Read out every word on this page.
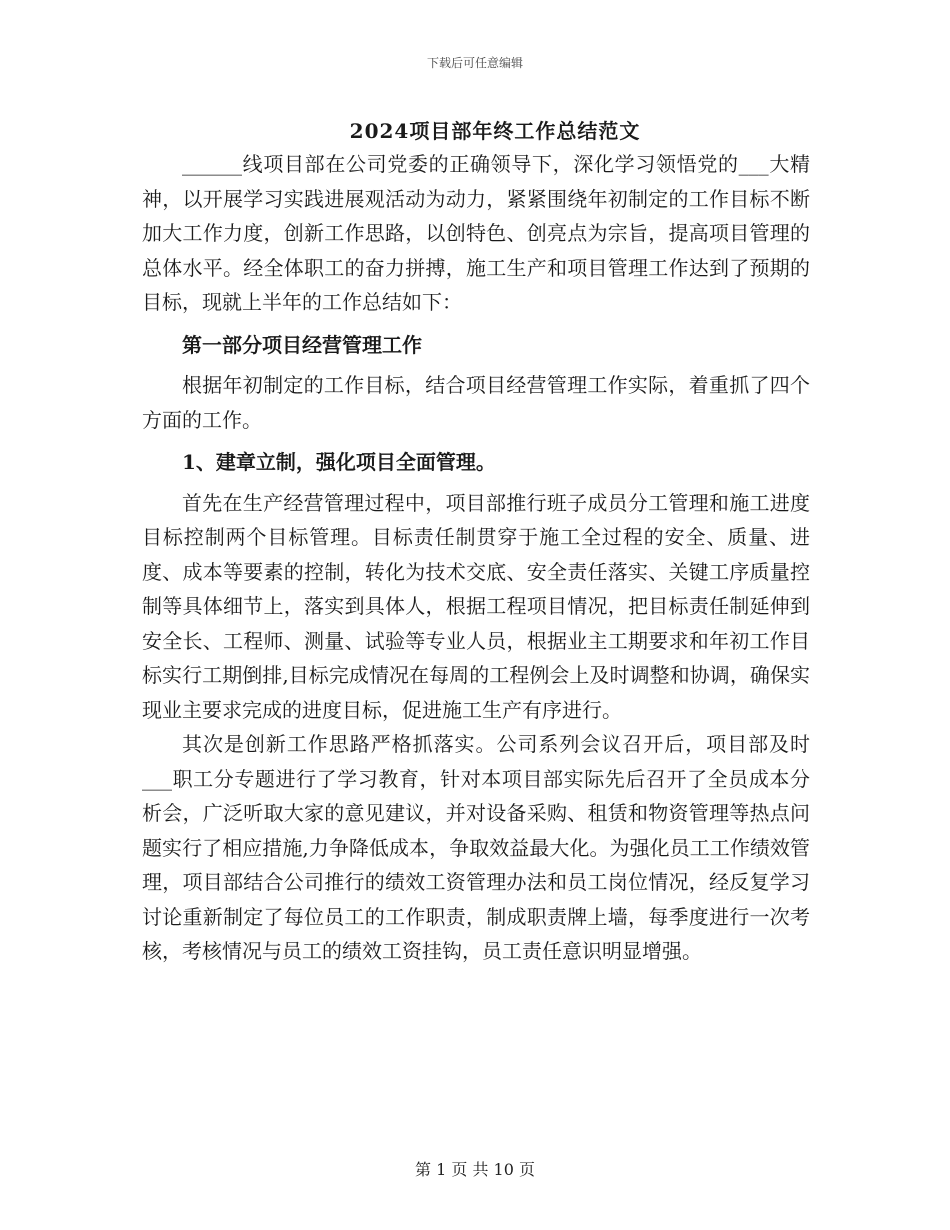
下载后可任意编辑
2024项目部年终工作总结范文

______线项目部在公司党委的正确领导下，深化学习领悟党的___大精神，以开展学习实践进展观活动为动力，紧紧围绕年初制定的工作目标不断加大工作力度，创新工作思路，以创特色、创亮点为宗旨，提高项目管理的总体水平。经全体职工的奋力拼搏，施工生产和项目管理工作达到了预期的目标，现就上半年的工作总结如下：

第一部分项目经营管理工作

根据年初制定的工作目标，结合项目经营管理工作实际，着重抓了四个方面的工作。

1、建章立制，强化项目全面管理。

首先在生产经营管理过程中，项目部推行班子成员分工管理和施工进度目标控制两个目标管理。目标责任制贯穿于施工全过程的安全、质量、进度、成本等要素的控制，转化为技术交底、安全责任落实、关键工序质量控制等具体细节上，落实到具体人，根据工程项目情况，把目标责任制延伸到安全长、工程师、测量、试验等专业人员，根据业主工期要求和年初工作目标实行工期倒排,目标完成情况在每周的工程例会上及时调整和协调，确保实现业主要求完成的进度目标，促进施工生产有序进行。

其次是创新工作思路严格抓落实。公司系列会议召开后，项目部及时___职工分专题进行了学习教育，针对本项目部实际先后召开了全员成本分析会，广泛听取大家的意见建议，并对设备采购、租赁和物资管理等热点问题实行了相应措施,力争降低成本，争取效益最大化。为强化员工工作绩效管理，项目部结合公司推行的绩效工资管理办法和员工岗位情况，经反复学习讨论重新制定了每位员工的工作职责，制成职责牌上墙，每季度进行一次考核，考核情况与员工的绩效工资挂钩，员工责任意识明显增强。

第 1 页 共 10 页
